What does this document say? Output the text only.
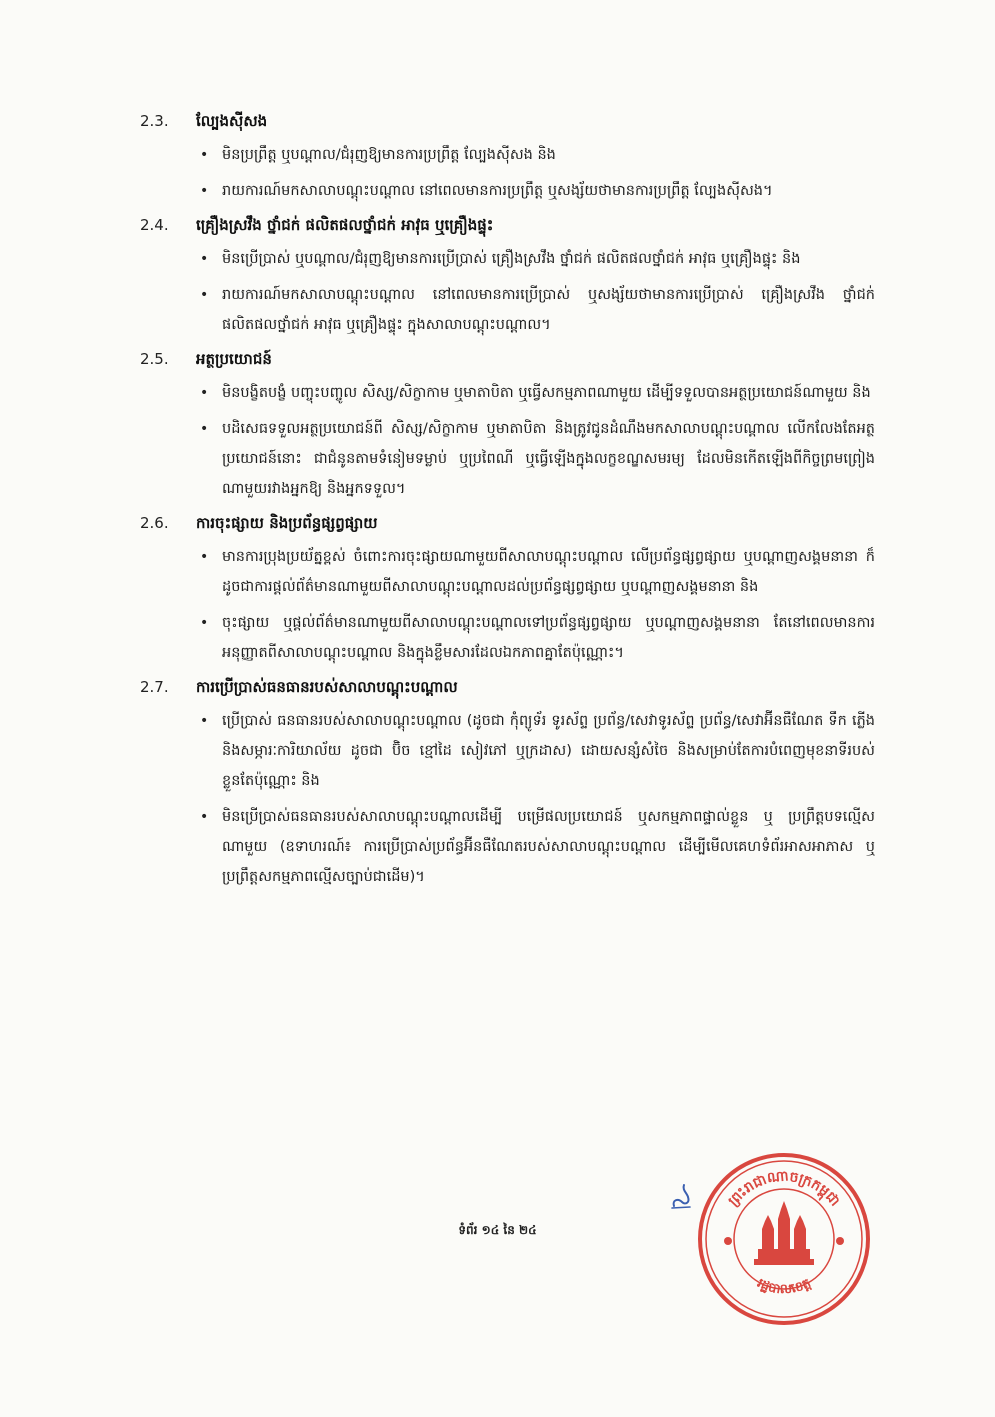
2.3.	ល្បែងស៊ីសង
• មិនប្រព្រឹត្ត ឬបណ្ដាល/ជំរុញឱ្យមានការប្រព្រឹត្ត ល្បែងស៊ីសង និង
• រាយការណ៍មកសាលាបណ្ដុះបណ្ដាល នៅពេលមានការប្រព្រឹត្ត ឬសង្ស័យថាមានការប្រព្រឹត្ត ល្បែងស៊ីសង។
2.4.	គ្រឿងស្រវឹង ថ្នាំជក់ ផលិតផលថ្នាំជក់ អាវុធ ឬគ្រឿងផ្ទុះ
• មិនប្រើប្រាស់ ឬបណ្ដាល/ជំរុញឱ្យមានការប្រើប្រាស់ គ្រឿងស្រវឹង ថ្នាំជក់ ផលិតផលថ្នាំជក់ អាវុធ ឬគ្រឿងផ្ទុះ និង
• រាយការណ៍មកសាលាបណ្ដុះបណ្ដាល នៅពេលមានការប្រើប្រាស់ ឬសង្ស័យថាមានការប្រើប្រាស់ គ្រឿងស្រវឹង ថ្នាំជក់ ផលិតផលថ្នាំជក់ អាវុធ ឬគ្រឿងផ្ទុះ ក្នុងសាលាបណ្ដុះបណ្ដាល។
2.5.	អត្ថប្រយោជន៍
• មិនបង្ខិតបង្ខំ បញ្ចុះបញ្ចូល សិស្ស/សិក្ខាកាម ឬមាតាបិតា ឬធ្វើសកម្មភាពណាមួយ ដើម្បីទទួលបានអត្ថប្រយោជន៍ណាមួយ និង
• បដិសេធទទួលអត្ថប្រយោជន៍ពី សិស្ស/សិក្ខាកាម ឬមាតាបិតា និងត្រូវជូនដំណឹងមកសាលាបណ្ដុះបណ្ដាល លើកលែងតែអត្ថប្រយោជន៍នោះ ជាជំនូនតាមទំនៀមទម្លាប់ ឬប្រពៃណី ឬធ្វើឡើងក្នុងលក្ខខណ្ឌសមរម្យ ដែលមិនកើតឡើងពីកិច្ចព្រមព្រៀងណាមួយរវាងអ្នកឱ្យ និងអ្នកទទួល។
2.6.	ការចុះផ្សាយ និងប្រព័ន្ធផ្សព្វផ្សាយ
• មានការប្រុងប្រយ័ត្នខ្ពស់ ចំពោះការចុះផ្សាយណាមួយពីសាលាបណ្ដុះបណ្ដាល លើប្រព័ន្ធផ្សព្វផ្សាយ ឬបណ្ដាញសង្គមនានា ក៏ដូចជាការផ្ដល់ព័ត៌មានណាមួយពីសាលាបណ្ដុះបណ្ដាលដល់ប្រព័ន្ធផ្សព្វផ្សាយ ឬបណ្ដាញសង្គមនានា និង
• ចុះផ្សាយ ឬផ្ដល់ព័ត៌មានណាមួយពីសាលាបណ្ដុះបណ្ដាលទៅប្រព័ន្ធផ្សព្វផ្សាយ ឬបណ្ដាញសង្គមនានា តែនៅពេលមានការអនុញ្ញាតពីសាលាបណ្ដុះបណ្ដាល និងក្នុងខ្លឹមសារដែលឯកភាពគ្នាតែប៉ុណ្ណោះ។
2.7.	ការប្រើប្រាស់ធនធានរបស់សាលាបណ្ដុះបណ្ដាល
• ប្រើប្រាស់ ធនធានរបស់សាលាបណ្ដុះបណ្ដាល (ដូចជា កុំព្យូទ័រ ទូរស័ព្ទ ប្រព័ន្ធ/សេវាទូរស័ព្ទ ប្រព័ន្ធ/សេវាអ៊ីនធឺណែត ទឹក ភ្លើង និងសម្ភារៈការិយាល័យ ដូចជា ប៊ិច ខ្មៅដៃ សៀវភៅ ឬក្រដាស) ដោយសន្សំសំចៃ និងសម្រាប់តែការបំពេញមុខនាទីរបស់ខ្លួនតែប៉ុណ្ណោះ និង
• មិនប្រើប្រាស់ធនធានរបស់សាលាបណ្ដុះបណ្ដាលដើម្បី បម្រើផលប្រយោជន៍ ឬសកម្មភាពផ្ទាល់ខ្លួន ឬ ប្រព្រឹត្តបទល្មើសណាមួយ (ឧទាហរណ៍៖ ការប្រើប្រាស់ប្រព័ន្ធអ៊ីនធឺណែតរបស់សាលាបណ្ដុះបណ្ដាល ដើម្បីមើលគេហទំព័រអាសអាភាស ឬប្រព្រឹត្តសកម្មភាពល្មើសច្បាប់ជាដើម)។
ទំព័រ ១៤ នៃ ២៤
ព្រះរាជាណាចក្រកម្ពុជា
រដ្ឋបាលខេត្ត
